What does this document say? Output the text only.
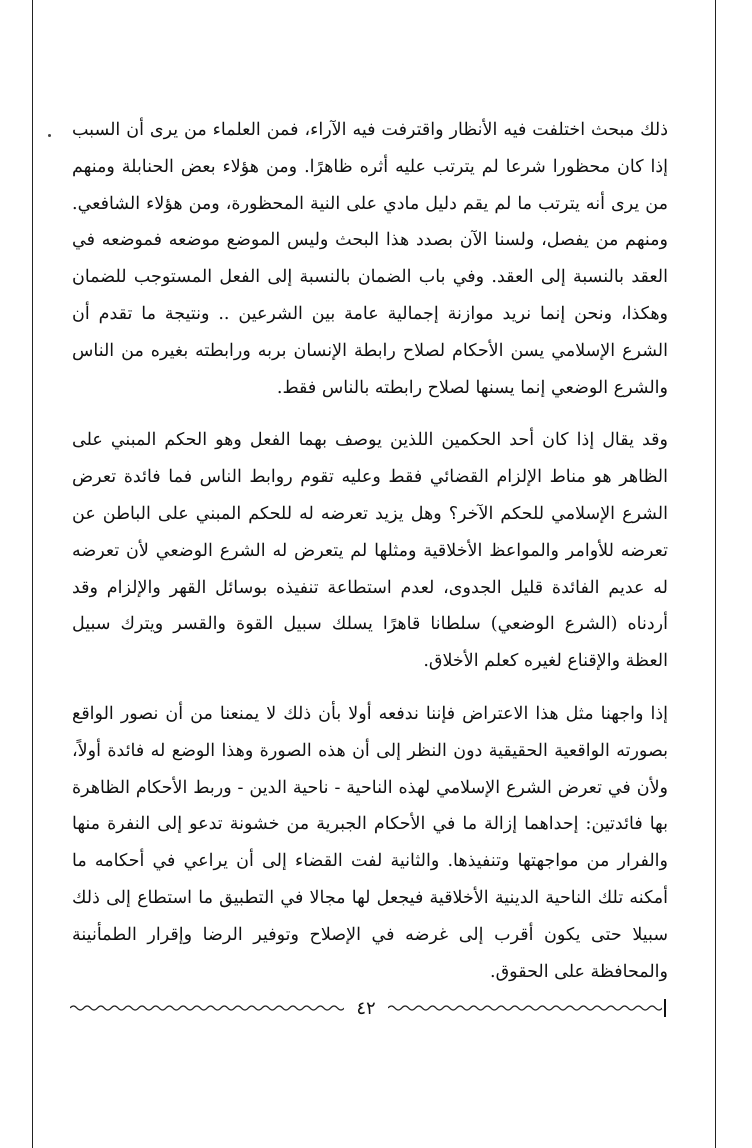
ذلك مبحث اختلفت فيه الأنظار واقترفت فيه الآراء، فمن العلماء من يرى أن السبب إذا كان محظورا شرعا لم يترتب عليه أثره ظاهرًا. ومن هؤلاء بعض الحنابلة ومنهم من يرى أنه يترتب ما لم يقم دليل مادي على النية المحظورة، ومن هؤلاء الشافعي. ومنهم من يفصل، ولسنا الآن بصدد هذا البحث وليس الموضع موضعه فموضعه في العقد بالنسبة إلى العقد. وفي باب الضمان بالنسبة إلى الفعل المستوجب للضمان وهكذا، ونحن إنما نريد موازنة إجمالية عامة بين الشرعين .. ونتيجة ما تقدم أن الشرع الإسلامي يسن الأحكام لصلاح رابطة الإنسان بربه ورابطته بغيره من الناس والشرع الوضعي إنما يسنها لصلاح رابطته بالناس فقط.

وقد يقال إذا كان أحد الحكمين اللذين يوصف بهما الفعل وهو الحكم المبني على الظاهر هو مناط الإلزام القضائي فقط وعليه تقوم روابط الناس فما فائدة تعرض الشرع الإسلامي للحكم الآخر؟ وهل يزيد تعرضه له للحكم المبني على الباطن عن تعرضه للأوامر والمواعظ الأخلاقية ومثلها لم يتعرض له الشرع الوضعي لأن تعرضه له عديم الفائدة قليل الجدوى، لعدم استطاعة تنفيذه بوسائل القهر والإلزام وقد أردناه (الشرع الوضعي) سلطانا قاهرًا يسلك سبيل القوة والقسر ويترك سبيل العظة والإقناع لغيره كعلم الأخلاق.

إذا واجهنا مثل هذا الاعتراض فإننا ندفعه أولا بأن ذلك لا يمنعنا من أن نصور الواقع بصورته الواقعية الحقيقية دون النظر إلى أن هذه الصورة وهذا الوضع له فائدة أولاً، ولأن في تعرض الشرع الإسلامي لهذه الناحية - ناحية الدين - وربط الأحكام الظاهرة بها فائدتين: إحداهما إزالة ما في الأحكام الجبرية من خشونة تدعو إلى النفرة منها والفرار من مواجهتها وتنفيذها. والثانية لفت القضاء إلى أن يراعي في أحكامه ما أمكنه تلك الناحية الدينية الأخلاقية فيجعل لها مجالا في التطبيق ما استطاع إلى ذلك سبيلا حتى يكون أقرب إلى غرضه في الإصلاح وتوفير الرضا وإقرار الطمأنينة والمحافظة على الحقوق.

٤٢
